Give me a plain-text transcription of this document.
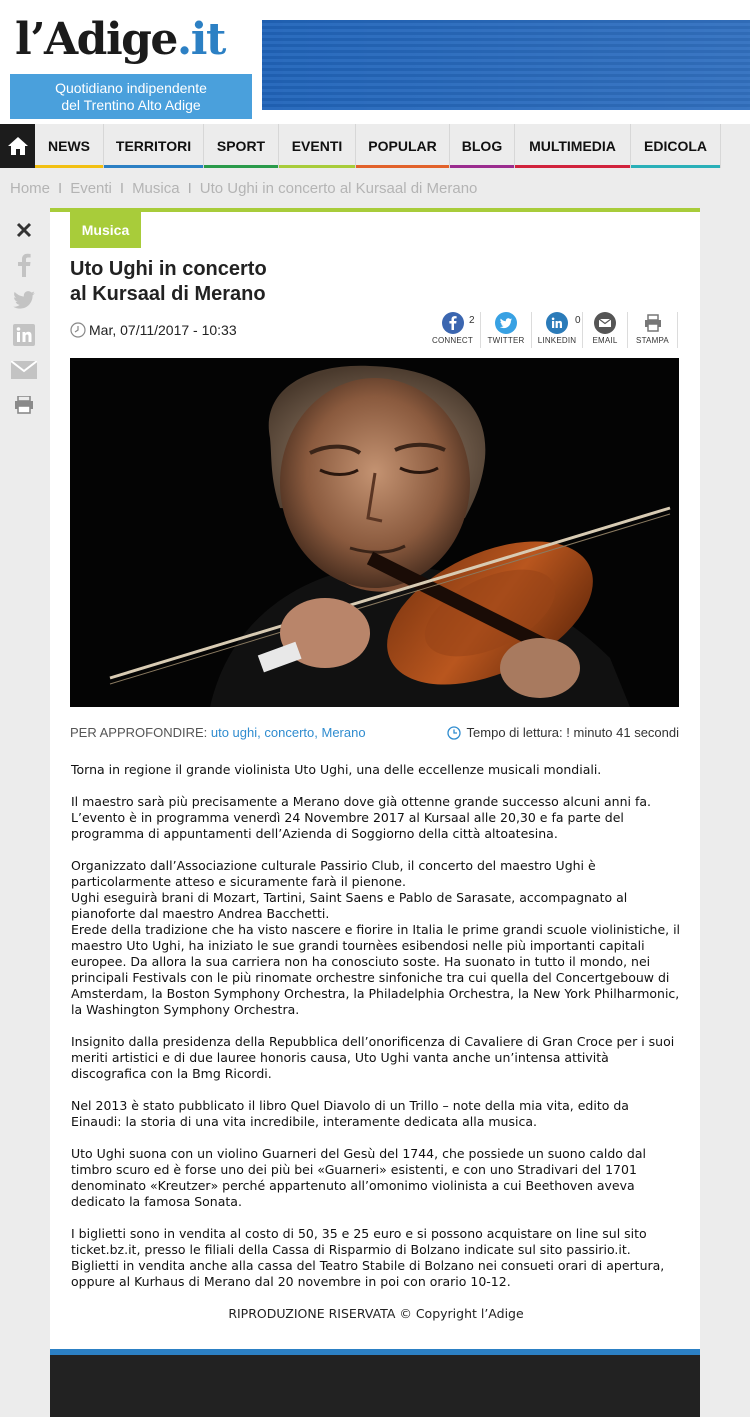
l’Adige.it
Quotidiano indipendente
del Trentino Alto Adige
NEWS TERRITORI SPORT EVENTI POPULAR BLOG MULTIMEDIA EDICOLA
Home I Eventi I Musica I Uto Ughi in concerto al Kursaal di Merano
Musica
Uto Ughi in concerto
al Kursaal di Merano
Mar, 07/11/2017 - 10:33
2
CONNECT TWITTER
0
LINKEDIN EMAIL STAMPA
PER APPROFONDIRE: uto ughi, concerto, Merano	Tempo di lettura: ! minuto 41 secondi

Torna in regione il grande violinista Uto Ughi, una delle eccellenze musicali mondiali.

Il maestro sarà più precisamente a Merano dove già ottenne grande successo alcuni anni fa. L’evento è in programma venerdì 24 Novembre 2017 al Kursaal alle 20,30 e fa parte del programma di appuntamenti dell’Azienda di Soggiorno della città altoatesina.

Organizzato dall’Associazione culturale Passirio Club, il concerto del maestro Ughi è particolarmente atteso e sicuramente farà il pienone.
Ughi eseguirà brani di Mozart, Tartini, Saint Saens e Pablo de Sarasate, accompagnato al pianoforte dal maestro Andrea Bacchetti.
Erede della tradizione che ha visto nascere e fiorire in Italia le prime grandi scuole violinistiche, il maestro Uto Ughi, ha iniziato le sue grandi tournèes esibendosi nelle più importanti capitali europee. Da allora la sua carriera non ha conosciuto soste. Ha suonato in tutto il mondo, nei principali Festivals con le più rinomate orchestre sinfoniche tra cui quella del Concertgebouw di Amsterdam, la Boston Symphony Orchestra, la Philadelphia Orchestra, la New York Philharmonic, la Washington Symphony Orchestra.

Insignito dalla presidenza della Repubblica dell’onorificenza di Cavaliere di Gran Croce per i suoi meriti artistici e di due lauree honoris causa, Uto Ughi vanta anche un’intensa attività discografica con la Bmg Ricordi.

Nel 2013 è stato pubblicato il libro Quel Diavolo di un Trillo – note della mia vita, edito da Einaudi: la storia di una vita incredibile, interamente dedicata alla musica.

Uto Ughi suona con un violino Guarneri del Gesù del 1744, che possiede un suono caldo dal timbro scuro ed è forse uno dei più bei «Guarneri» esistenti, e con uno Stradivari del 1701 denominato «Kreutzer» perché appartenuto all’omonimo violinista a cui Beethoven aveva dedicato la famosa Sonata.

I biglietti sono in vendita al costo di 50, 35 e 25 euro e si possono acquistare on line sul sito ticket.bz.it, presso le filiali della Cassa di Risparmio di Bolzano indicate sul sito passirio.it. Biglietti in vendita anche alla cassa del Teatro Stabile di Bolzano nei consueti orari di apertura, oppure al Kurhaus di Merano dal 20 novembre in poi con orario 10-12.

RIPRODUZIONE RISERVATA © Copyright l’Adige
